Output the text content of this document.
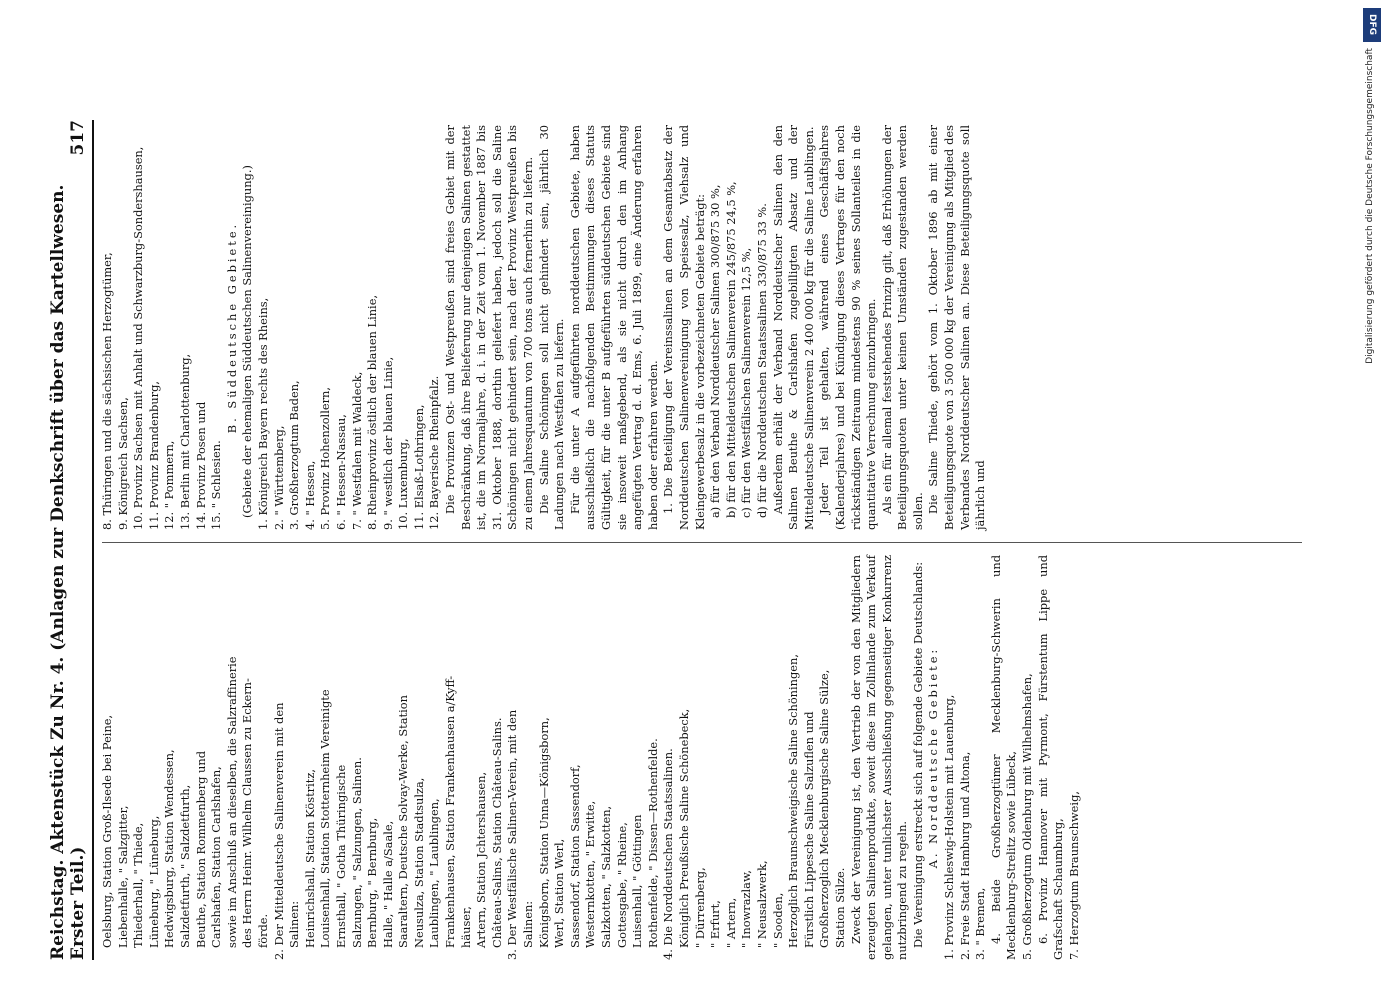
Reichstag. Aktenstück Zu Nr. 4. (Anlagen zur Denkschrift über das Kartellwesen. Erster Teil.)
517

Oelsburg, Station Groß-Ilsede bei Peine, Liebenhalle, " Salzgitter, Thiederhall, " Thiede, Lüneburg, " Lüneburg, Hedwigsburg, Station Wendessen, Salzdetfurth, " Salzdetfurth, Beuthe, Station Rommenberg und Carlshafen, Station Carlshafen, sowie im Anschluß an dieselben, die Salzraffinerie des Herrn Heinr. Wilhelm Claussen zu Eckern- förde. 2. Der Mitteldeutsche Salinenverein mit den Salinen: Heinrichshall, Station Köstritz, Louisenhall, Station Stotternheim Vereinigte Ernsthall, " Gotha Thüringische Salzungen, " Salzungen, Salinen. Bernburg, " Bernburg, Halle, " Halle a/Saale, Saaraltern, Deutsche Solvay-Werke, Station Neusulza, Station Stadtsulza, Laublingen, " Laublingen, Frankenhausen, Station Frankenhausen a/Kyff- häuser, Artern, Station Jchtershausen, Château-Salins, Station Château-Salins. 3. Der Westfälische Salinen-Verein, mit den Salinen: Königsborn, Station Unna—Königsborn, Werl, Station Werl, Sassendorf, Station Sassendorf, Westernkotten, " Erwitte, Salzkotten, " Salzkotten, Gottesgabe, " Rheine, Luisenhall, " Göttingen Rothenfelde, " Dissen—Rothenfelde. 4. Die Norddeutschen Staatssalinen. Königlich Preußische Saline Schönebeck, " Dürrenberg, " Erfurt, " Artern, " Inowrazlaw, " Neusalzwerk, " Sooden, Herzoglich Braunschweigische Saline Schöningen, Fürstlich Lippesche Saline Salzuflen und Großherzoglich Mecklenburgische Saline Sülze, Station Sülze. Zweck der Vereinigung ist, den Vertrieb der von den Mitgliedern erzeugten Salinenprodukte, soweit diese im Zollinlande zum Verkauf gelangen, unter tunlichster Ausschließung gegenseitiger Konkurrenz nutzbringend zu regeln. Die Vereinigung erstreckt sich auf folgende Gebiete Deutschlands: A. Norddeutsche Gebiete: 1. Provinz Schleswig-Holstein mit Lauenburg, 2. Freie Stadt Hamburg und Altona, 3. " Bremen, 4. Beide Großherzogtümer Mecklenburg-Schwerin und Mecklenburg-Strelitz sowie Lübeck, 5. Großherzogtum Oldenburg mit Wilhelmshafen, 6. Provinz Hannover mit Pyrmont, Fürstentum Lippe und Grafschaft Schaumburg, 7. Herzogtum Braunschweig,

8. Thüringen und die sächsischen Herzogtümer, 9. Königreich Sachsen, 10. Provinz Sachsen mit Anhalt und Schwarzburg-Sondershausen, 11. Provinz Brandenburg, 12. " Pommern, 13. Berlin mit Charlottenburg, 14. Provinz Posen und 15. " Schlesien.

B. Süddeutsche Gebiete. (Gebiete der ehemaligen Süddeutschen Salinenvereinigung.) 1. Königreich Bayern rechts des Rheins, 2. " Württemberg, 3. Großherzogtum Baden, 4. " Hessen, 5. Provinz Hohenzollern, 6. " Hessen-Nassau, 7. " Westfalen mit Waldeck, 8. Rheinprovinz östlich der blauen Linie, 9. " westlich der blauen Linie, 10. Luxemburg, 11. Elsaß-Lothringen, 12. Bayerische Rheinpfalz. Die Provinzen Ost- und Westpreußen sind freies Gebiet mit der Beschränkung, daß ihre Belieferung nur denjenigen Salinen gestattet ist, die im Normaljahre, d. i. in der Zeit vom 1. November 1887 bis 31. Oktober 1888, dorthin geliefert haben, jedoch soll die Saline Schöningen nicht gehindert sein, nach der Provinz Westpreußen bis zu einem Jahresquantum von 700 tons auch fernerhin zu liefern. Die Saline Schöningen soll nicht gehindert sein, jährlich 30 Ladungen nach Westfalen zu liefern. Für die unter A aufgeführten norddeutschen Gebiete, haben ausschließlich die nachfolgenden Bestimmungen dieses Statuts Gültigkeit, für die unter B aufgeführten süddeutschen Gebiete sind sie insoweit maßgebend, als sie nicht durch den im Anhang angefügten Vertrag d. d. Ems, 6. Juli 1899, eine Änderung erfahren haben oder erfahren werden. 1. Die Beteiligung der Vereinssalinen an dem Gesamtabsatz der Norddeutschen Salinenvereinigung von Speisesalz, Viehsalz und Kleingewerbesalz in die vorbezeichneten Gebiete beträgt: a) für den Verband Norddeutscher Salinen 300/875 30 %, b) für den Mitteldeutschen Salinenverein 245/875 24,5 %, c) für den Westfälischen Salinenverein 12,5 %, d) für die Norddeutschen Staatssalinen 330/875 33 %. Außerdem erhält der Verband Norddeutscher Salinen den den Salinen Beuthe & Carlshafen zugebilligten Absatz und der Mitteldeutsche Salinenverein 2 400 000 kg für die Saline Laublingen. Jeder Teil ist gehalten, während eines Geschäftsjahres (Kalenderjahres) und bei Kündigung dieses Vertrages für den noch rückständigen Zeitraum mindestens 90 % seines Sollanteiles in die quantitative Verrechnung einzubringen. Als ein für allemal feststehendes Prinzip gilt, daß Erhöhungen der Beteiligungsquoten unter keinen Umständen zugestanden werden sollen. Die Saline Thiede, gehört vom 1. Oktober 1896 ab mit einer Beteiligungsquote von 3 500 000 kg der Vereinigung als Mitglied des Verbandes Norddeutscher Salinen an. Diese Beteiligungsquote soll jährlich und

DFG
Digitalisierung gefördert durch die Deutsche Forschungsgemeinschaft
